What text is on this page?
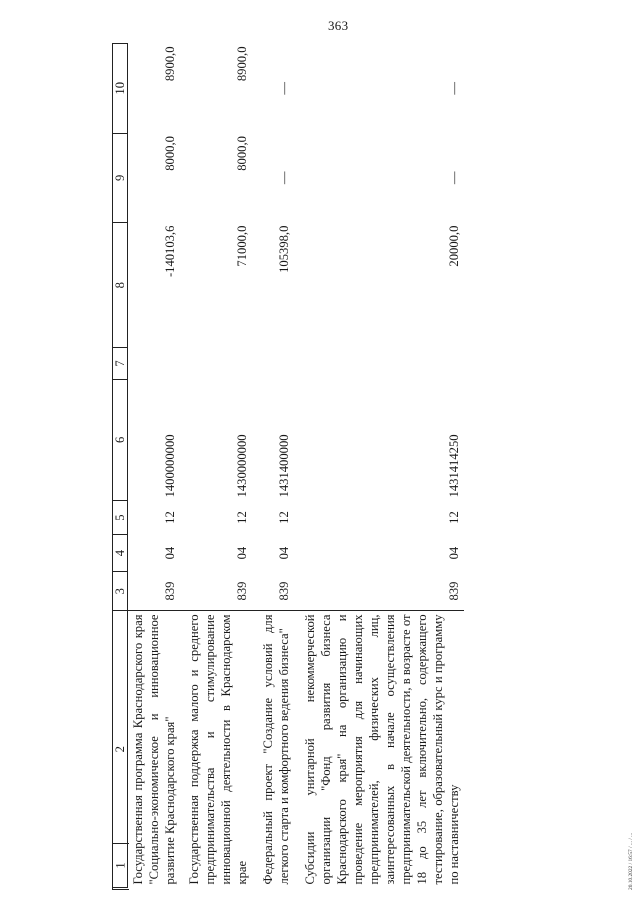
363
20.10.2022 / 16:57 / ... / ...
2	3	4	5	6	7	8	9	10
Государственная программа Краснодарского края "Социально-экономическое и инновационное развитие Краснодарского края"	839	04	12	1400000000		-140103,6	8000,0	8900,0
Государственная поддержка малого и среднего предпринимательства и стимулирование инновационной деятельности в Краснодарском крае	839	04	12	1430000000		71000,0	8000,0	8900,0
Федеральный проект "Создание условий для легкого старта и комфортного ведения бизнеса"	839	04	12	1431400000		105398,0	—	—
Субсидии унитарной некоммерческой организации "Фонд развития бизнеса Краснодарского края" на организацию и проведение мероприятия для начинающих предпринимателей, физических лиц, заинтересованных в начале осуществления предпринимательской деятельности, в возрасте от 18 до 35 лет включительно, содержащего тестирование, образовательный курс и программу по наставничеству	839	04	12	1431414250		20000,0	—	—
1
